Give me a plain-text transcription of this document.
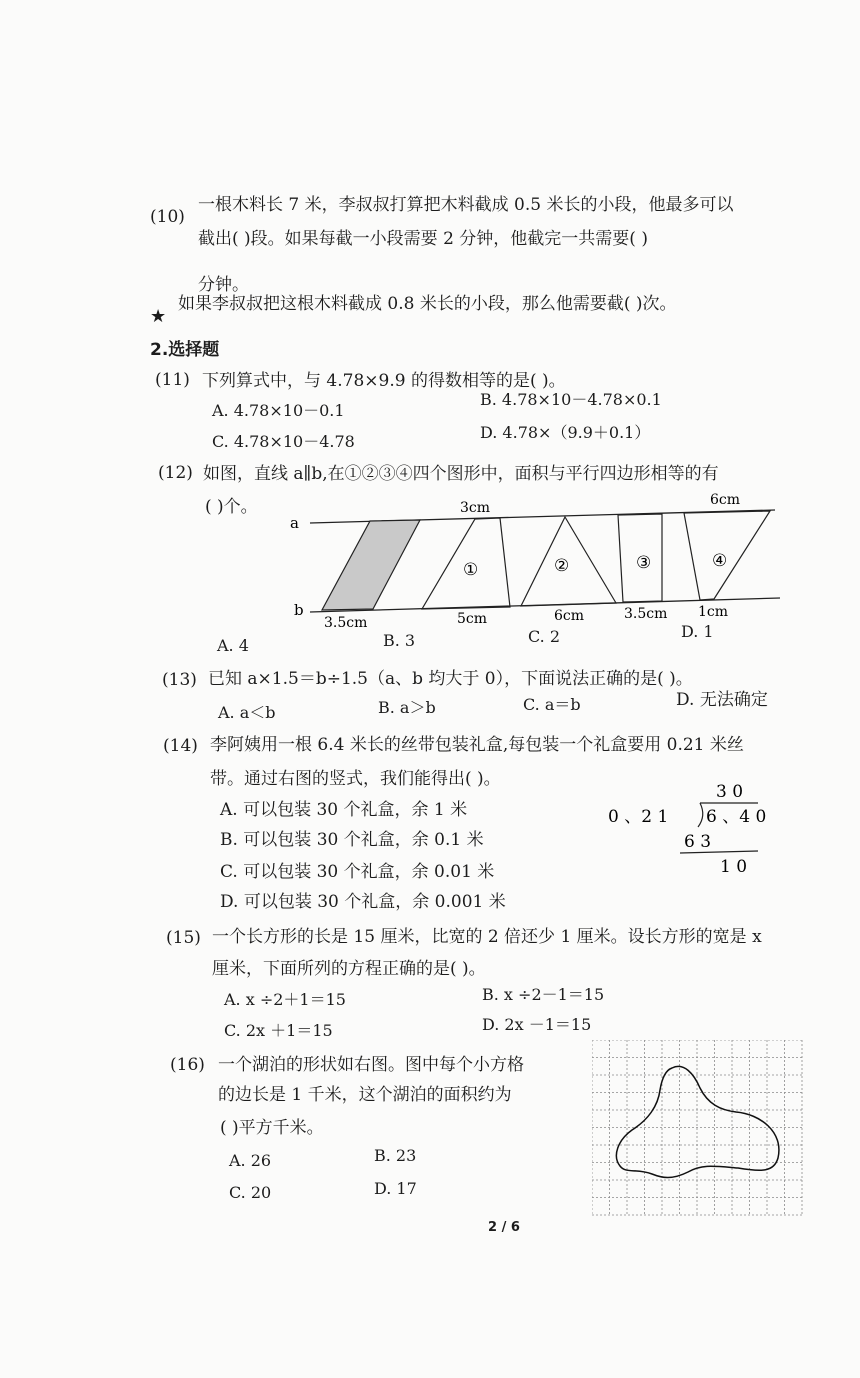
(10)
一根木料长 7 米，李叔叔打算把木料截成 0.5 米长的小段，他最多可以
截出( )段。如果每截一小段需要 2 分钟，他截完一共需要( )
分钟。
★
如果李叔叔把这根木料截成 0.8 米长的小段，那么他需要截( )次。
2.选择题
(11) 下列算式中，与 4.78×9.9 的得数相等的是( )。
A. 4.78×10－0.1
B. 4.78×10－4.78×0.1
C. 4.78×10－4.78	D. 4.78×（9.9＋0.1）
(12) 如图，直线 a∥b,在①②③④四个图形中，面积与平行四边形相等的有
( )个。
a
b
3cm	6cm
①	②	③	④
3.5cm	5cm	6cm	3.5cm 1cm
A. 4	B. 3	C. 2	D. 1
(13) 已知 a×1.5＝b÷1.5（a、b 均大于 0），下面说法正确的是( )。
A. a＜b	B. a＞b	C. a＝b	D. 无法确定
(14) 李阿姨用一根 6.4 米长的丝带包装礼盒,每包装一个礼盒要用 0.21 米丝
带。通过右图的竖式，我们能得出( )。
A. 可以包装 30 个礼盒，余 1 米
B. 可以包装 30 个礼盒，余 0.1 米
C. 可以包装 30 个礼盒，余 0.01 米
D. 可以包装 30 个礼盒，余 0.001 米
3 0
0 、2 1 6 、4 0
6 3
1 0
(15) 一个长方形的长是 15 厘米，比宽的 2 倍还少 1 厘米。设长方形的宽是 x
厘米，下面所列的方程正确的是( )。
A. x ÷2＋1＝15	B. x ÷2－1＝15
C. 2x ＋1＝15	D. 2x －1＝15
(16) 一个湖泊的形状如右图。图中每个小方格
的边长是 1 千米，这个湖泊的面积约为
( )平方千米。
A. 26	B. 23
C. 20	D. 17
2 / 6
